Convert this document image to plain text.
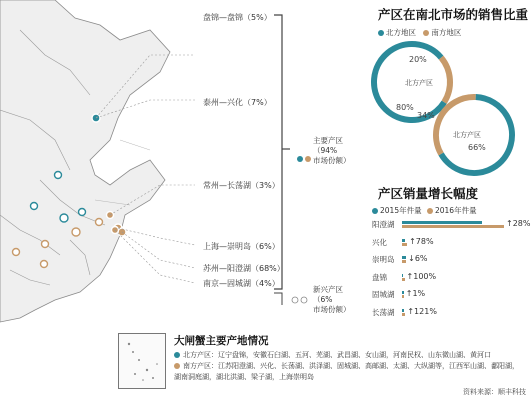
盘锦—盘锦（5%）
泰州—兴化（7%）
常州—长荡湖（3%）
上海—崇明岛（6%）
苏州—阳澄湖（68%）
南京—固城湖（4%）
主要产区
（94%
市场份额）
新兴产区
（6%
市场份额）
产区在南北市场的销售比重
北方地区 南方地区
20%
80%
北方产区
34%
66%
北方产区
产区销量增长幅度
2015年件量 2016年件量
阳澄湖	↑28%
兴化	↑78%
崇明岛 ↓6%
盘锦 ↑100%
固城湖 ↑1%
长荡湖 ↑121%
大闸蟹主要产地情况
北方产区：辽宁盘锦，安徽石臼湖、五河、芜湖、武昌湖、女山湖，河南民权、山东微山湖、黄河口
南方产区：江苏阳澄湖、兴化、长荡湖、洪泽湖、固城湖、高邮湖、太湖、大纵湖等，江西军山湖、鄱阳湖，湖南洞庭湖，湖北洪湖、梁子湖，上海崇明岛
资料来源：顺丰科技
